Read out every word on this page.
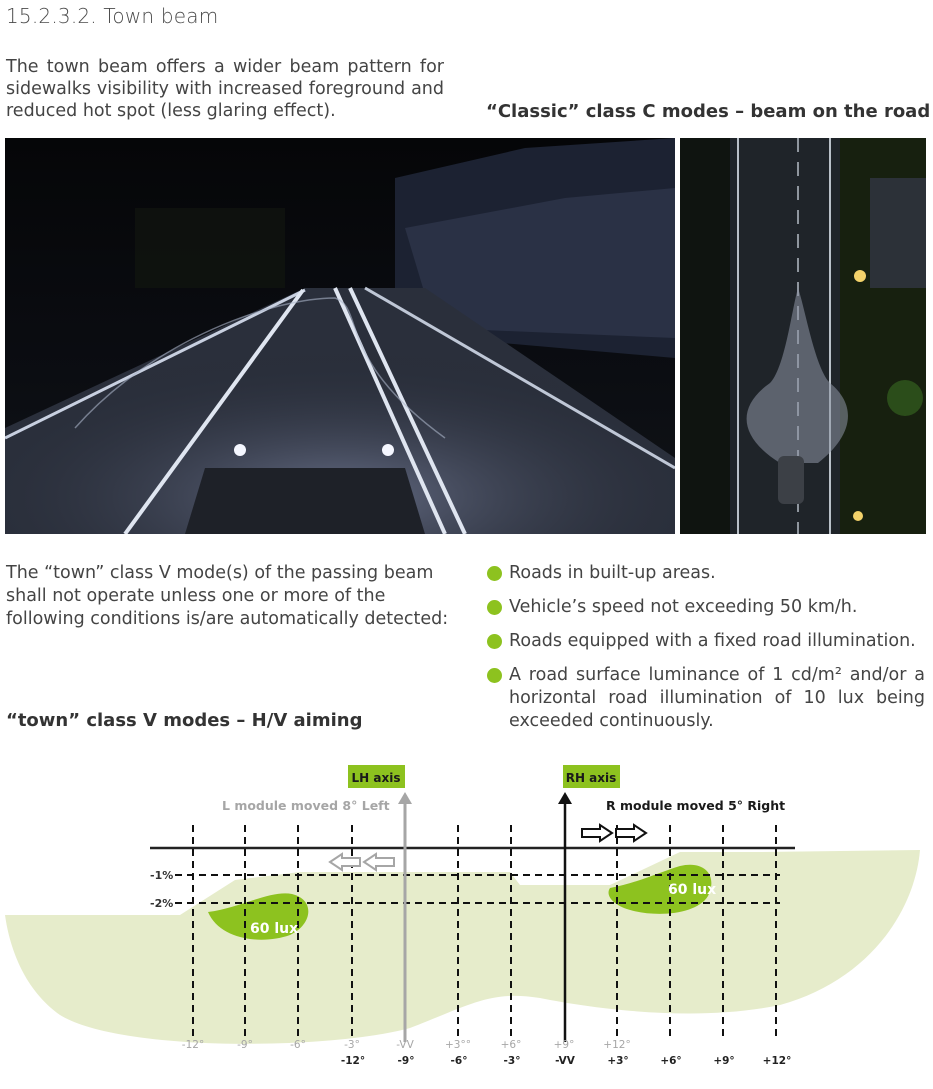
15.2.3.2. Town beam
The town beam offers a wider beam pattern for sidewalks visibility with increased foreground and reduced hot spot (less glaring effect).	“Classic” class C modes – beam on the road
The “town” class V mode(s) of the passing beam shall not operate unless one or more of the following conditions is/are automatically detected:
Roads in built-up areas.
Vehicle’s speed not exceeding 50 km/h.
Roads equipped with a fixed road illumination.
A road surface luminance of 1 cd/m² and/or a horizontal road illumination of 10 lux being exceeded continuously.
“town” class V modes – H/V aiming
LH axis	RH axis
L module moved 8° Left	R module moved 5° Right
-1%
-2%
60 lux
60 lux
-12°	-9°	-6°	-3°	-VV	+3°°	+6°	+9°	+12°
-12°	-9°	-6°	-3°	-VV	+3°	+6°	+9°	+12°
